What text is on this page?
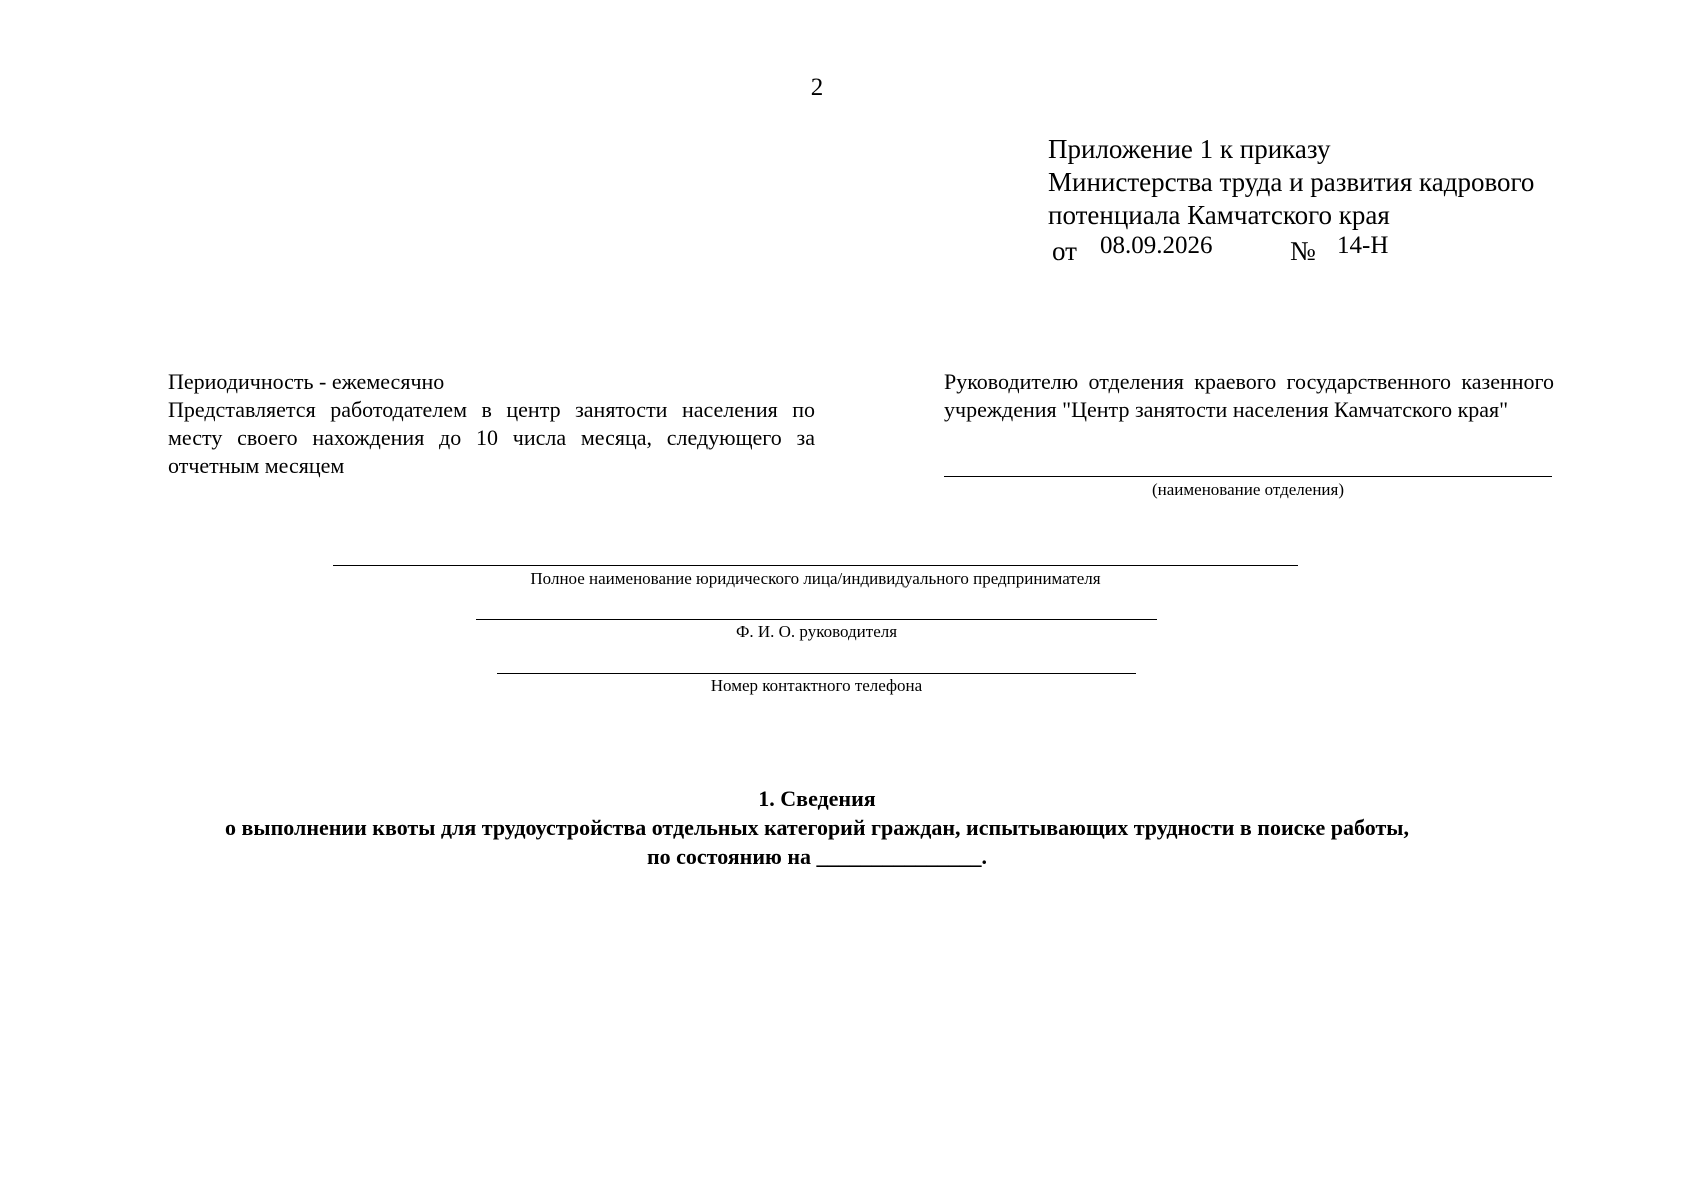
2
Приложение 1 к приказу
Министерства труда и развития кадрового
потенциала Камчатского края
от 08.09.2026	№ 14-Н
Периодичность - ежемесячно
Представляется работодателем в центр занятости населения по месту своего нахождения до 10 числа месяца, следующего за отчетным месяцем
Руководителю отделения краевого государственного казенного учреждения "Центр занятости населения Камчатского края"
(наименование отделения)
Полное наименование юридического лица/индивидуального предпринимателя
Ф. И. О. руководителя
Номер контактного телефона
1. Сведения
о выполнении квоты для трудоустройства отдельных категорий граждан, испытывающих трудности в поиске работы,
по состоянию на _______________.
